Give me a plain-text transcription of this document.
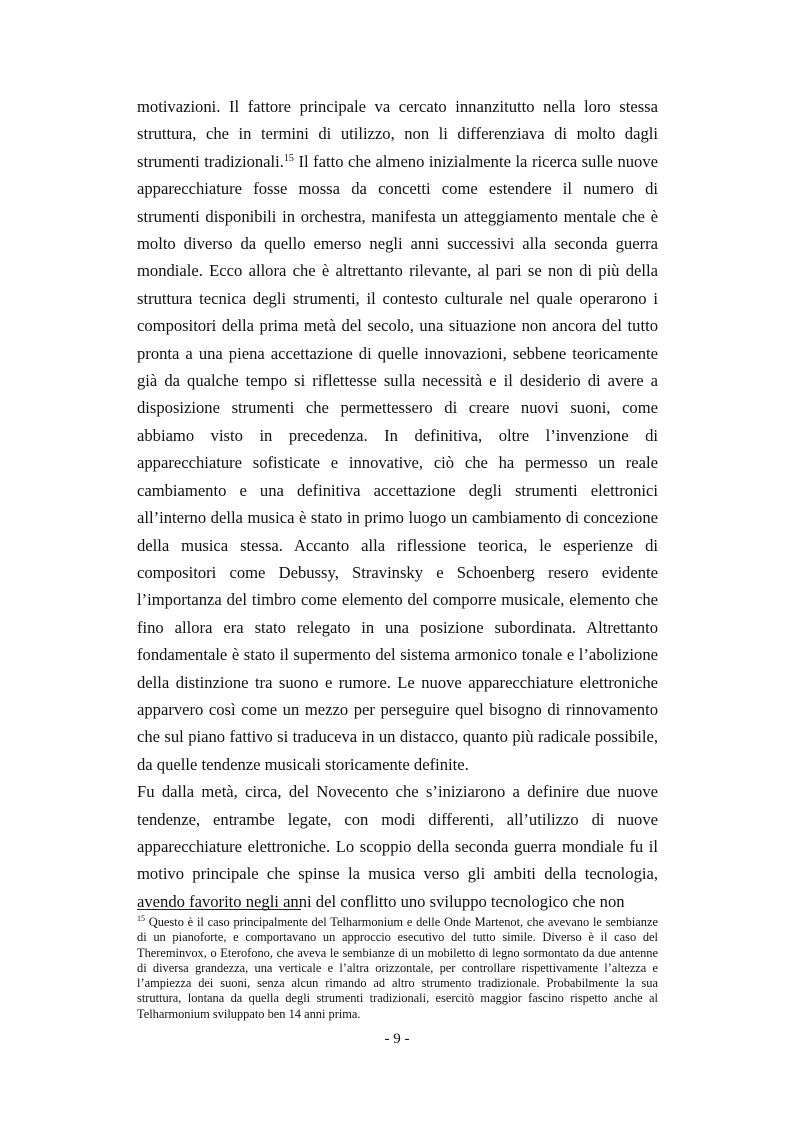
motivazioni. Il fattore principale va cercato innanzitutto nella loro stessa struttura, che in termini di utilizzo, non li differenziava di molto dagli strumenti tradizionali.$^{15}$ Il fatto che almeno inizialmente la ricerca sulle nuove apparecchiature fosse mossa da concetti come estendere il numero di strumenti disponibili in orchestra, manifesta un atteggiamento mentale che è molto diverso da quello emerso negli anni successivi alla seconda guerra mondiale. Ecco allora che è altrettanto rilevante, al pari se non di più della struttura tecnica degli strumenti, il contesto culturale nel quale operarono i compositori della prima metà del secolo, una situazione non ancora del tutto pronta a una piena accettazione di quelle innovazioni, sebbene teoricamente già da qualche tempo si riflettesse sulla necessità e il desiderio di avere a disposizione strumenti che permettessero di creare nuovi suoni, come abbiamo visto in precedenza. In definitiva, oltre l’invenzione di apparecchiature sofisticate e innovative, ciò che ha permesso un reale cambiamento e una definitiva accettazione degli strumenti elettronici all’interno della musica è stato in primo luogo un cambiamento di concezione della musica stessa. Accanto alla riflessione teorica, le esperienze di compositori come Debussy, Stravinsky e Schoenberg resero evidente l’importanza del timbro come elemento del comporre musicale, elemento che fino allora era stato relegato in una posizione subordinata. Altrettanto fondamentale è stato il supermento del sistema armonico tonale e l’abolizione della distinzione tra suono e rumore. Le nuove apparecchiature elettroniche apparvero così come un mezzo per perseguire quel bisogno di rinnovamento che sul piano fattivo si traduceva in un distacco, quanto più radicale possibile, da quelle tendenze musicali storicamente definite.

Fu dalla metà, circa, del Novecento che s’iniziarono a definire due nuove tendenze, entrambe legate, con modi differenti, all’utilizzo di nuove apparecchiature elettroniche. Lo scoppio della seconda guerra mondiale fu il motivo principale che spinse la musica verso gli ambiti della tecnologia, avendo favorito negli anni del conflitto uno sviluppo tecnologico che non

$^{15}$ Questo è il caso principalmente del Telharmonium e delle Onde Martenot, che avevano le sembianze di un pianoforte, e comportavano un approccio esecutivo del tutto simile. Diverso è il caso del Thereminvox, o Eterofono, che aveva le sembianze di un mobiletto di legno sormontato da due antenne di diversa grandezza, una verticale e l’altra orizzontale, per controllare rispettivamente l’altezza e l’ampiezza dei suoni, senza alcun rimando ad altro strumento tradizionale. Probabilmente la sua struttura, lontana da quella degli strumenti tradizionali, esercitò maggior fascino rispetto anche al Telharmonium sviluppato ben 14 anni prima.
- 9 -
